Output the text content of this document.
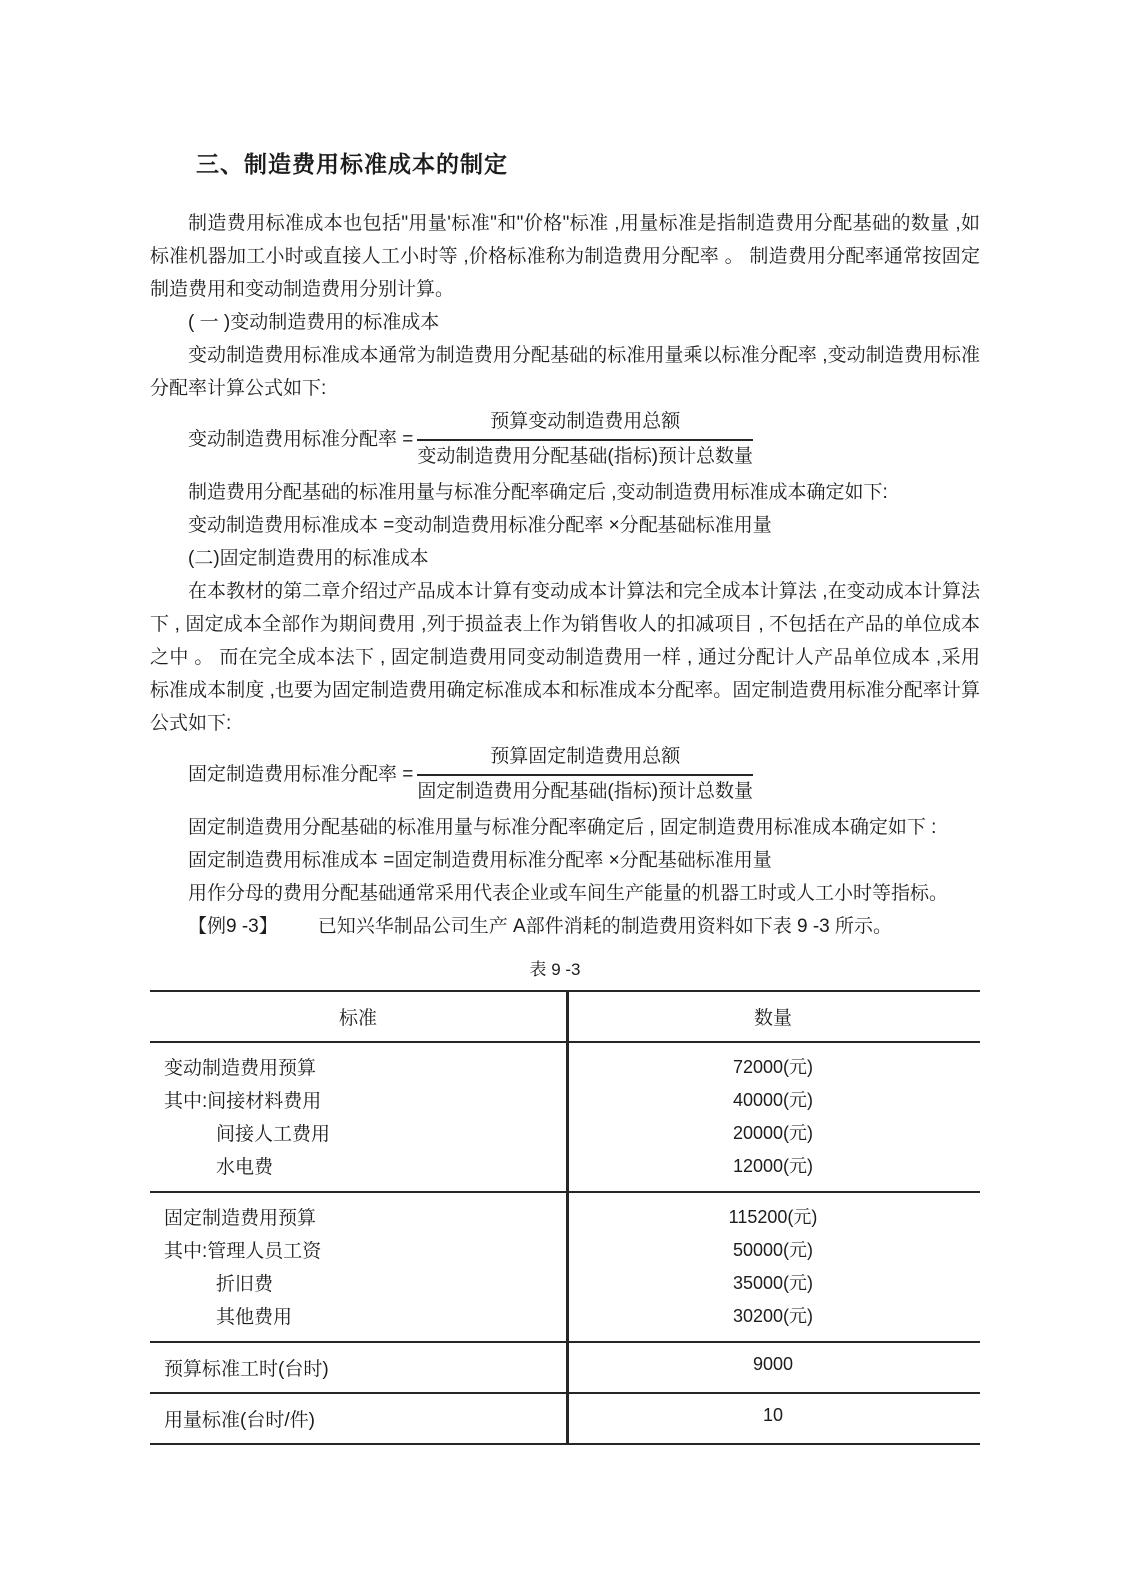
三、制造费用标准成本的制定

制造费用标准成本也包括"用量'标准"和"价格"标准 ,用量标准是指制造费用分配基础的数量 ,如标准机器加工小时或直接人工小时等 ,价格标准称为制造费用分配率 。 制造费用分配率通常按固定制造费用和变动制造费用分别计算。

( 一 )变动制造费用的标准成本

变动制造费用标准成本通常为制造费用分配基础的标准用量乘以标准分配率 ,变动制造费用标准分配率计算公式如下:

变动制造费用标准分配率 = $\frac{\text{预算变动制造费用总额}}{\text{变动制造费用分配基础(指标)预计总数量}}$

制造费用分配基础的标准用量与标准分配率确定后 ,变动制造费用标准成本确定如下:

变动制造费用标准成本 =变动制造费用标准分配率 ×分配基础标准用量

(二)固定制造费用的标准成本

在本教材的第二章介绍过产品成本计算有变动成本计算法和完全成本计算法 ,在变动成本计算法下 , 固定成本全部作为期间费用 ,列于损益表上作为销售收人的扣减项目 , 不包括在产品的单位成本之中 。 而在完全成本法下 , 固定制造费用同变动制造费用一样 , 通过分配计人产品单位成本 ,采用标准成本制度 ,也要为固定制造费用确定标准成本和标准成本分配率。固定制造费用标准分配率计算公式如下:

固定制造费用标准分配率 = $\frac{\text{预算固定制造费用总额}}{\text{固定制造费用分配基础(指标)预计总数量}}$

固定制造费用分配基础的标准用量与标准分配率确定后 , 固定制造费用标准成本确定如下 :

固定制造费用标准成本 =固定制造费用标准分配率 ×分配基础标准用量

用作分母的费用分配基础通常采用代表企业或车间生产能量的机器工时或人工小时等指标。

【例9 -3】 已知兴华制品公司生产 A部件消耗的制造费用资料如下表 9 -3 所示。

表 9 -3
标准	数量
变动制造费用预算	72000(元)
其中:间接材料费用	40000(元)
间接人工费用	20000(元)
水电费	12000(元)
固定制造费用预算	115200(元)
其中:管理人员工资	50000(元)
折旧费	35000(元)
其他费用	30200(元)
预算标准工时(台时)	9000
用量标准(台时/件)	10
